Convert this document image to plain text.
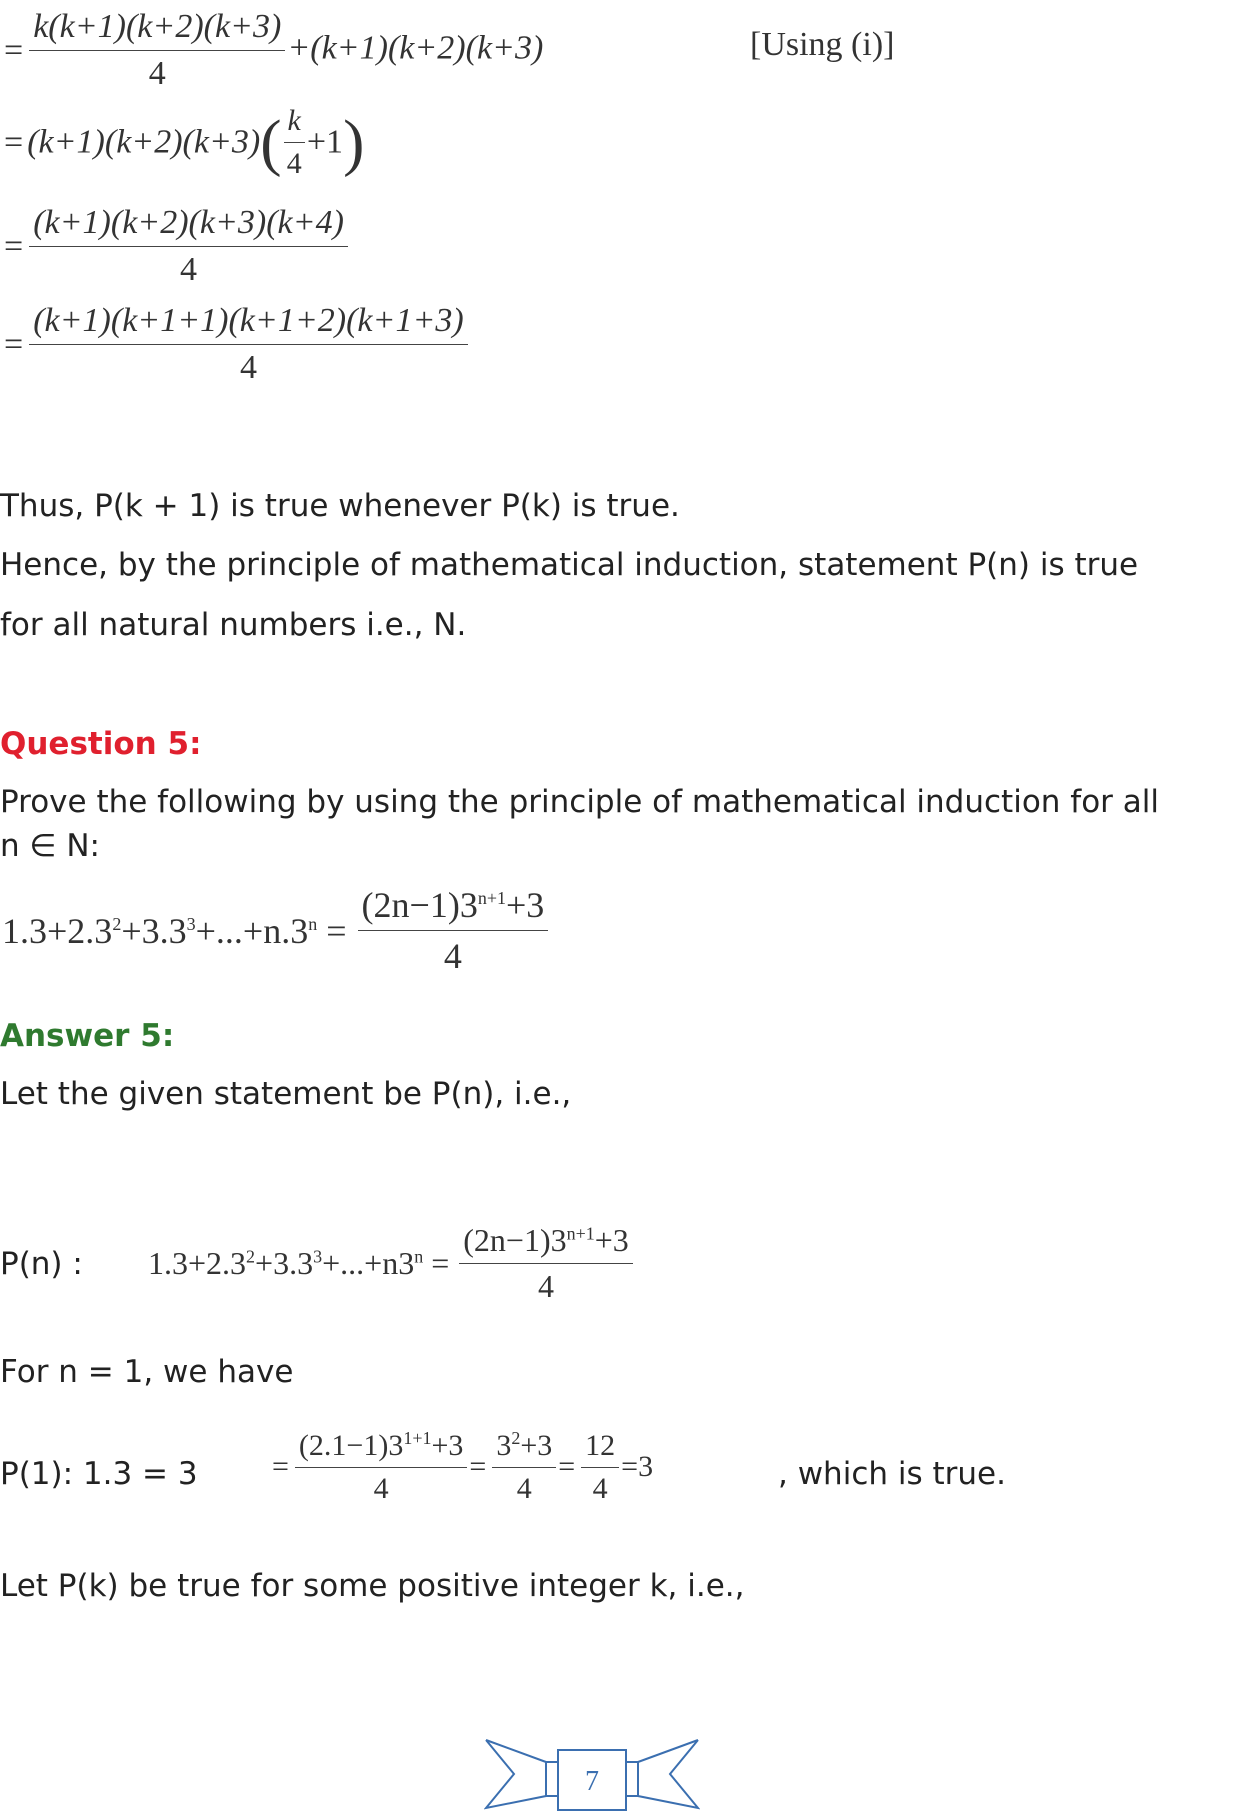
= $\frac{k(k+1)(k+2)(k+3)}{4} +(k+1)(k+2)(k+3)$	[Using (i)]
= $(k+1)(k+2)(k+3)( \frac{k}{4} +1)$
= $\frac{(k+1)(k+2)(k+3)(k+4)}{4}$
= $\frac{(k+1)(k+1+1)(k+1+2)(k+1+3)}{4}$
Thus, P(k + 1) is true whenever P(k) is true.
Hence, by the principle of mathematical induction, statement P(n) is true
for all natural numbers i.e., N.
Question 5:
Prove the following by using the principle of mathematical induction for all
n ∈ N:
$1.3+2.3^2+3.3^3+...+n.3^n = \frac{(2n-1)3^{n+1}+3}{4}$
Answer 5:
Let the given statement be P(n), i.e.,
P(n) : $1.3+2.3^2+3.3^3+...+n3^n = \frac{(2n-1)3^{n+1}+3}{4}$
For n = 1, we have
P(1): $1.3 = 3 = \frac{(2.1-1)3^{1+1}+3}{4} = \frac{3^2+3}{4} = \frac{12}{4} =3$	, which is true.
Let P(k) be true for some positive integer k, i.e.,
7
